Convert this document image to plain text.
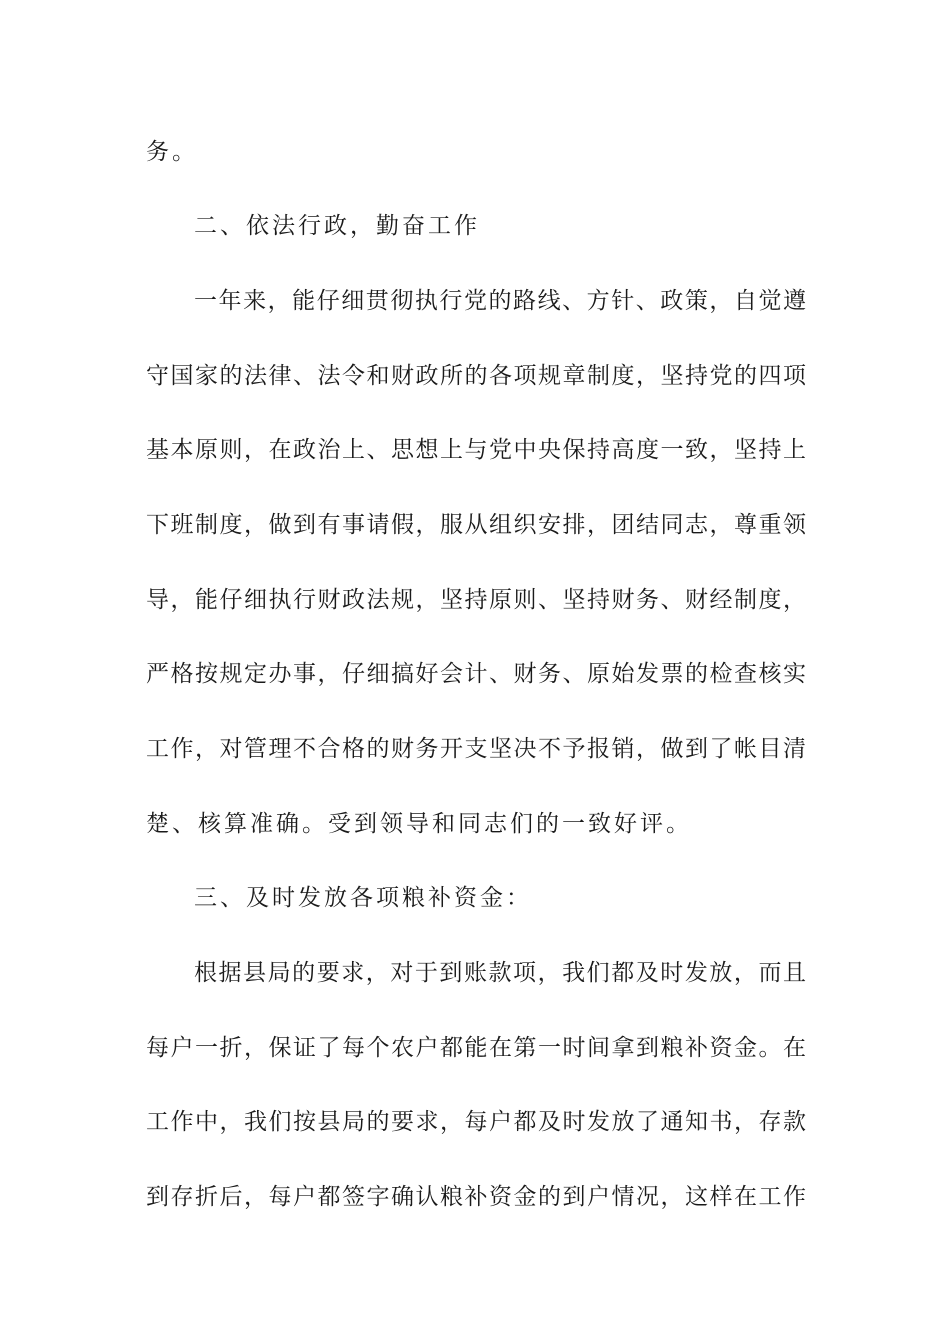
务。
二、依法行政，勤奋工作
一年来，能仔细贯彻执行党的路线、方针、政策，自觉遵
守国家的法律、法令和财政所的各项规章制度，坚持党的四项
基本原则，在政治上、思想上与党中央保持高度一致，坚持上
下班制度，做到有事请假，服从组织安排，团结同志，尊重领
导，能仔细执行财政法规，坚持原则、坚持财务、财经制度，
严格按规定办事，仔细搞好会计、财务、原始发票的检查核实
工作，对管理不合格的财务开支坚决不予报销，做到了帐目清
楚、核算准确。受到领导和同志们的一致好评。
三、及时发放各项粮补资金：
根据县局的要求，对于到账款项，我们都及时发放，而且
每户一折，保证了每个农户都能在第一时间拿到粮补资金。在
工作中，我们按县局的要求，每户都及时发放了通知书，存款
到存折后，每户都签字确认粮补资金的到户情况，这样在工作
